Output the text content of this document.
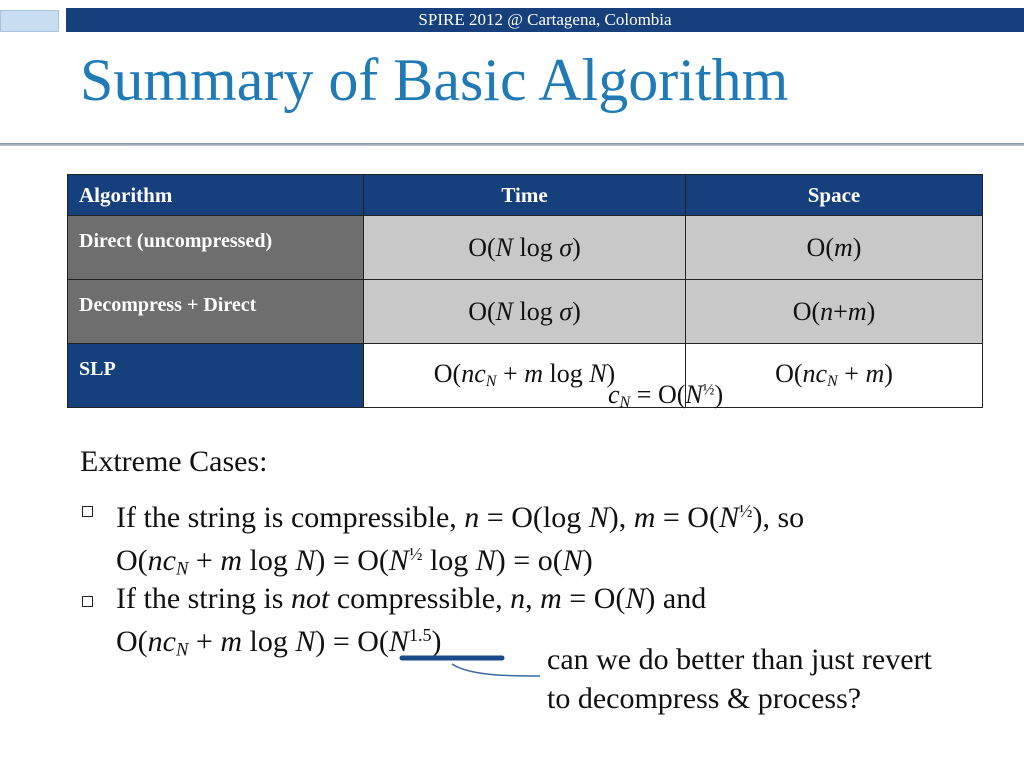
SPIRE 2012 @ Cartagena, Colombia
Summary of Basic Algorithm
Algorithm	Time	Space
Direct (uncompressed)	O(N log σ)	O(m)
Decompress + Direct	O(N log σ)	O(n+m)
SLP	$O(nc_N + m$ log N)	$O(nc_N + m)$
$c_N = O(N^{\frac{1}{2}})$
Extreme Cases:
If the string is compressible, n = O(log N), $m = O(N^{\frac{1}{2}})$, so
$O(nc_N + m$ $\log N) = O(N^{\frac{1}{2}}$ log N) = o(N)
If the string is not compressible, n, m = O(N) and
$O(nc_N + m$ $\log N) = O(N^{1.5})$
can we do better than just revert
to decompress & process?
